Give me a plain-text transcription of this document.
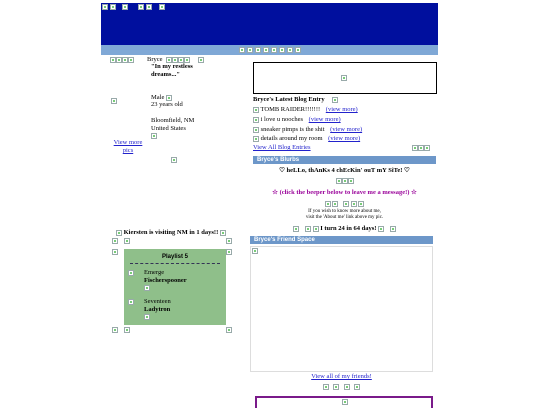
Bryce

"In my restless dreams..."
Male
23 years old
Bloomfield, NM
United States
View more pics
Kiersten is visiting NM in 1 days!!
Playlist 5
Emerge
Fischerspooner
Seventeen
Ladytron
Bryce's Latest Blog Entry
TOMB RAIDER!!!!!!! (view more)
i love u nooches (view more)
sneaker pimps is the shit (view more)
details around my room (view more)
View All Blog Entries
Bryce's Blurbs
♡ heLLo, thAnKs 4 chEcKin' ouT mY SiTe! ♡
☆ (click the beeper below to leave me a message!) ☆

If you wish to know more about me,
visit the 'About me' link above my pic.
I turn 24 in 64 days!
Bryce's Friend Space
View all of my friends!
